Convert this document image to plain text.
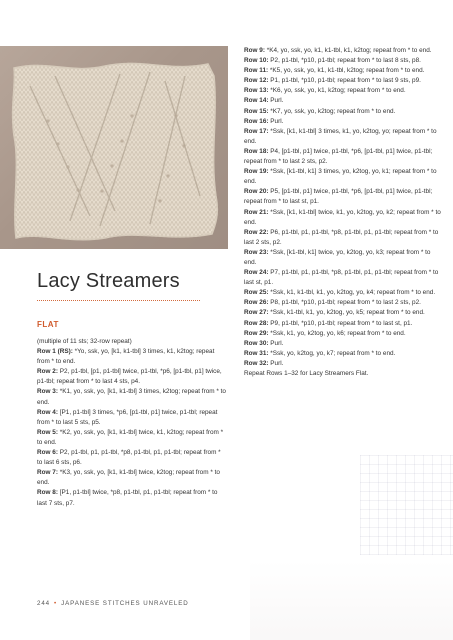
Lacy Streamers
FLAT

(multiple of 11 sts; 32-row repeat)

Row 1 (RS): *Yo, ssk, yo, [k1, k1-tbl] 3 times, k1, k2tog; repeat from * to end.

Row 2: P2, p1-tbl, [p1, p1-tbl] twice, p1-tbl, *p6, [p1-tbl, p1] twice, p1-tbl; repeat from * to last 4 sts, p4.

Row 3: *K1, yo, ssk, yo, [k1, k1-tbl] 3 times, k2tog; repeat from * to end.

Row 4: [P1, p1-tbl] 3 times, *p6, [p1-tbl, p1] twice, p1-tbl; repeat from * to last 5 sts, p5.

Row 5: *K2, yo, ssk, yo, [k1, k1-tbl] twice, k1, k2tog; repeat from * to end.

Row 6: P2, p1-tbl, p1, p1-tbl, *p8, p1-tbl, p1, p1-tbl; repeat from * to last 6 sts, p6.

Row 7: *K3, yo, ssk, yo, [k1, k1-tbl] twice, k2tog; repeat from * to end.

Row 8: [P1, p1-tbl] twice, *p8, p1-tbl, p1, p1-tbl; repeat from * to last 7 sts, p7.

Row 9: *K4, yo, ssk, yo, k1, k1-tbl, k1, k2tog; repeat from * to end.

Row 10: P2, p1-tbl, *p10, p1-tbl; repeat from * to last 8 sts, p8.

Row 11: *K5, yo, ssk, yo, k1, k1-tbl, k2tog; repeat from * to end.

Row 12: P1, p1-tbl, *p10, p1-tbl; repeat from * to last 9 sts, p9.

Row 13: *K6, yo, ssk, yo, k1, k2tog; repeat from * to end.

Row 14: Purl.

Row 15: *K7, yo, ssk, yo, k2tog; repeat from * to end.

Row 16: Purl.

Row 17: *Ssk, [k1, k1-tbl] 3 times, k1, yo, k2tog, yo; repeat from * to end.

Row 18: P4, [p1-tbl, p1] twice, p1-tbl, *p6, [p1-tbl, p1] twice, p1-tbl; repeat from * to last 2 sts, p2.

Row 19: *Ssk, [k1-tbl, k1] 3 times, yo, k2tog, yo, k1; repeat from * to end.

Row 20: P5, [p1-tbl, p1] twice, p1-tbl, *p6, [p1-tbl, p1] twice, p1-tbl; repeat from * to last st, p1.

Row 21: *Ssk, [k1, k1-tbl] twice, k1, yo, k2tog, yo, k2; repeat from * to end.

Row 22: P6, p1-tbl, p1, p1-tbl, *p8, p1-tbl, p1, p1-tbl; repeat from * to last 2 sts, p2.

Row 23: *Ssk, [k1-tbl, k1] twice, yo, k2tog, yo, k3; repeat from * to end.

Row 24: P7, p1-tbl, p1, p1-tbl, *p8, p1-tbl, p1, p1-tbl; repeat from * to last st, p1.

Row 25: *Ssk, k1, k1-tbl, k1, yo, k2tog, yo, k4; repeat from * to end.

Row 26: P8, p1-tbl, *p10, p1-tbl; repeat from * to last 2 sts, p2.

Row 27: *Ssk, k1-tbl, k1, yo, k2tog, yo, k5; repeat from * to end.

Row 28: P9, p1-tbl, *p10, p1-tbl; repeat from * to last st, p1.

Row 29: *Ssk, k1, yo, k2tog, yo, k6; repeat from * to end.

Row 30: Purl.

Row 31: *Ssk, yo, k2tog, yo, k7; repeat from * to end.

Row 32: Purl.

Repeat Rows 1–32 for Lacy Streamers Flat.

244 • JAPANESE STITCHES UNRAVELED
